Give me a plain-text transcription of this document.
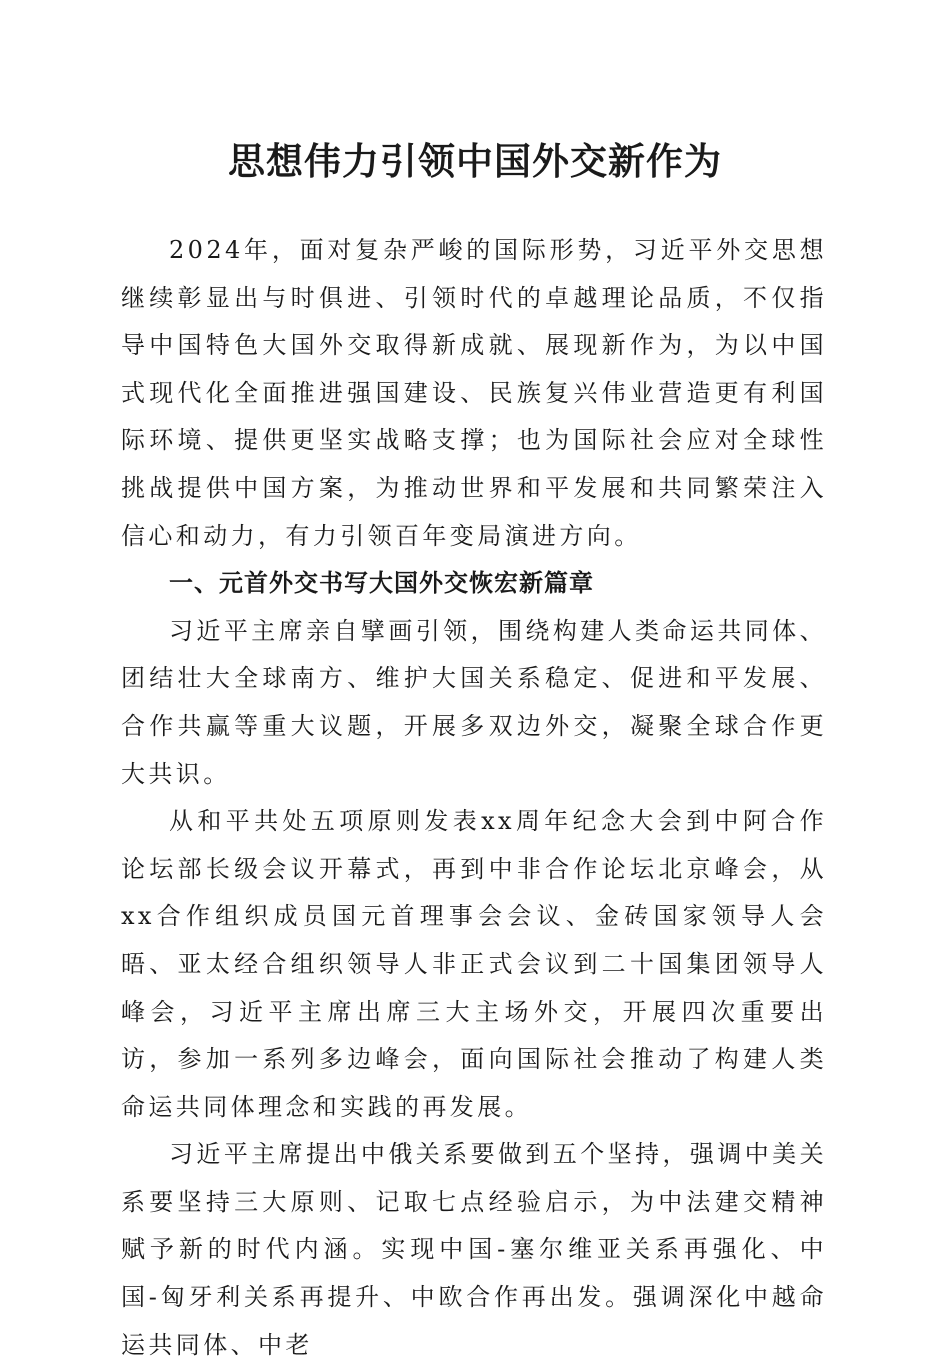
思想伟力引领中国外交新作为

2024年，面对复杂严峻的国际形势，习近平外交思想继续彰显出与时俱进、引领时代的卓越理论品质，不仅指导中国特色大国外交取得新成就、展现新作为，为以中国式现代化全面推进强国建设、民族复兴伟业营造更有利国际环境、提供更坚实战略支撑；也为国际社会应对全球性挑战提供中国方案，为推动世界和平发展和共同繁荣注入信心和动力，有力引领百年变局演进方向。

一、元首外交书写大国外交恢宏新篇章

习近平主席亲自擘画引领，围绕构建人类命运共同体、团结壮大全球南方、维护大国关系稳定、促进和平发展、合作共赢等重大议题，开展多双边外交，凝聚全球合作更大共识。

从和平共处五项原则发表xx周年纪念大会到中阿合作论坛部长级会议开幕式，再到中非合作论坛北京峰会，从xx合作组织成员国元首理事会会议、金砖国家领导人会晤、亚太经合组织领导人非正式会议到二十国集团领导人峰会，习近平主席出席三大主场外交，开展四次重要出访，参加一系列多边峰会，面向国际社会推动了构建人类命运共同体理念和实践的再发展。

习近平主席提出中俄关系要做到五个坚持，强调中美关系要坚持三大原则、记取七点经验启示，为中法建交精神赋予新的时代内涵。实现中国-塞尔维亚关系再强化、中国-匈牙利关系再提升、中欧合作再出发。强调深化中越命运共同体、中老
